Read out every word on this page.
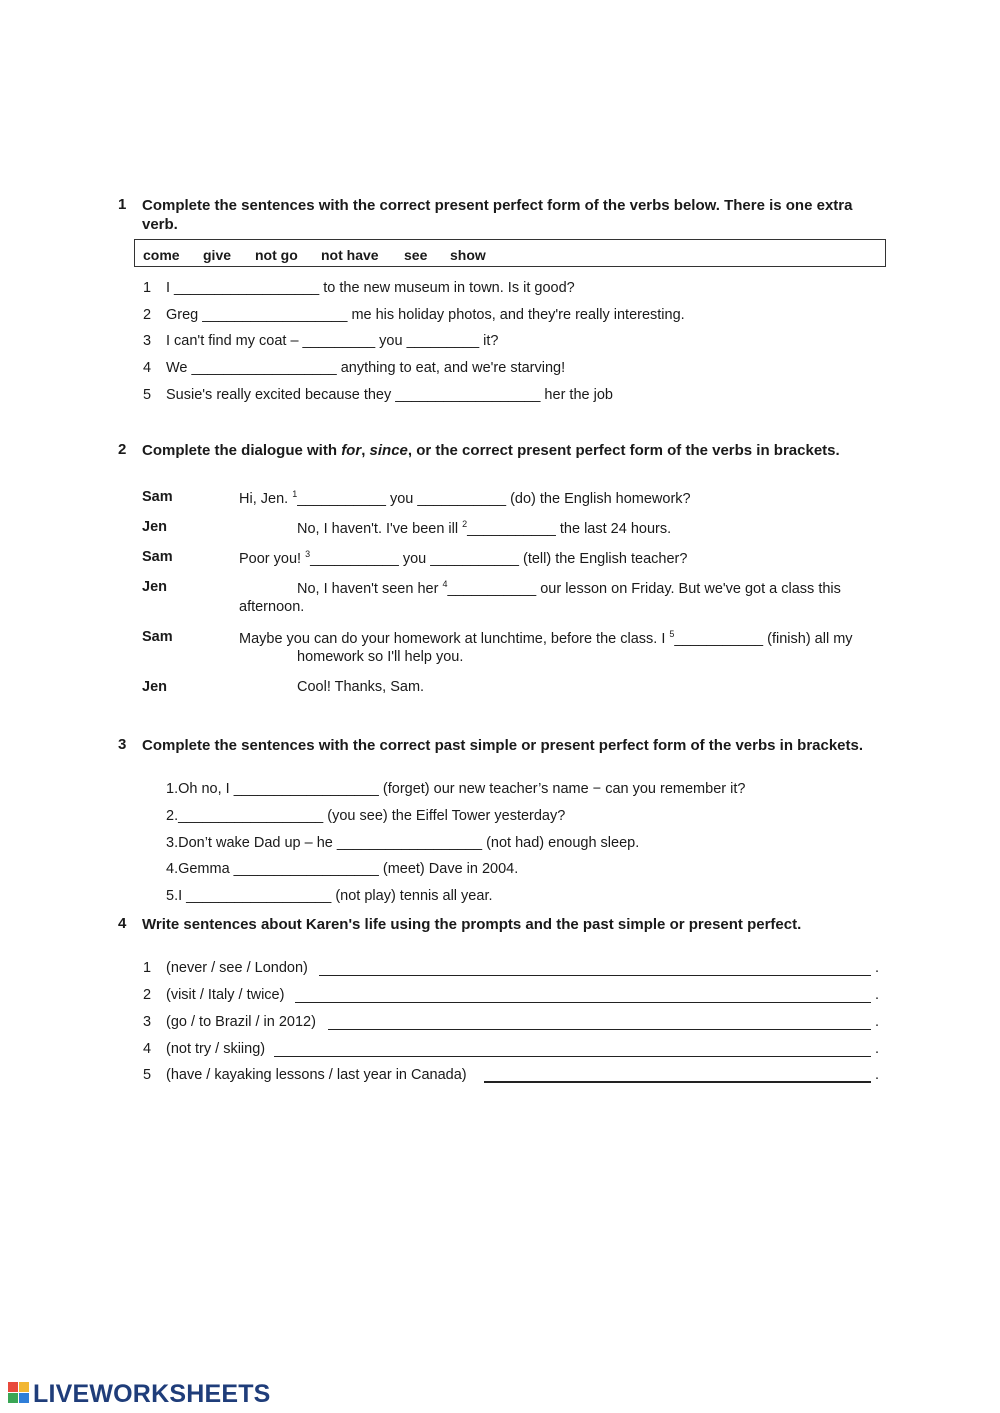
1 Complete the sentences with the correct present perfect form of the verbs below. There is one extra verb.
come give not go not have see show
1 I __________________ to the new museum in town. Is it good?
2 Greg __________________ me his holiday photos, and they're really interesting.
3 I can't find my coat – _________ you _________ it?
4 We __________________ anything to eat, and we're starving!
5 Susie's really excited because they __________________ her the job
2 Complete the dialogue with for, since, or the correct present perfect form of the verbs in brackets.
Sam	Hi, Jen. $^1$___________ you ___________ (do) the English homework?
Jen	No, I haven't. I've been ill $^2$___________ the last 24 hours.
Sam	Poor you! $^3$___________ you ___________ (tell) the English teacher?
Jen	No, I haven't seen her $^4$___________ our lesson on Friday. But we've got a class this
afternoon.
Sam	Maybe you can do your homework at lunchtime, before the class. I $^5$___________ (finish) all my
homework so I'll help you.
Jen	Cool! Thanks, Sam.
3 Complete the sentences with the correct past simple or present perfect form of the verbs in brackets.
1.Oh no, I __________________ (forget) our new teacher’s name − can you remember it?
2.__________________ (you see) the Eiffel Tower yesterday?
3.Don’t wake Dad up – he __________________ (not had) enough sleep.
4.Gemma __________________ (meet) Dave in 2004.
5.I __________________ (not play) tennis all year.
4 Write sentences about Karen's life using the prompts and the past simple or present perfect.
1 (never / see / London)	.
2 (visit / Italy / twice)	.
3 (go / to Brazil / in 2012)	.
4 (not try / skiing)	.
5 (have / kayaking lessons / last year in Canada)	.
LIVEWORKSHEETS
